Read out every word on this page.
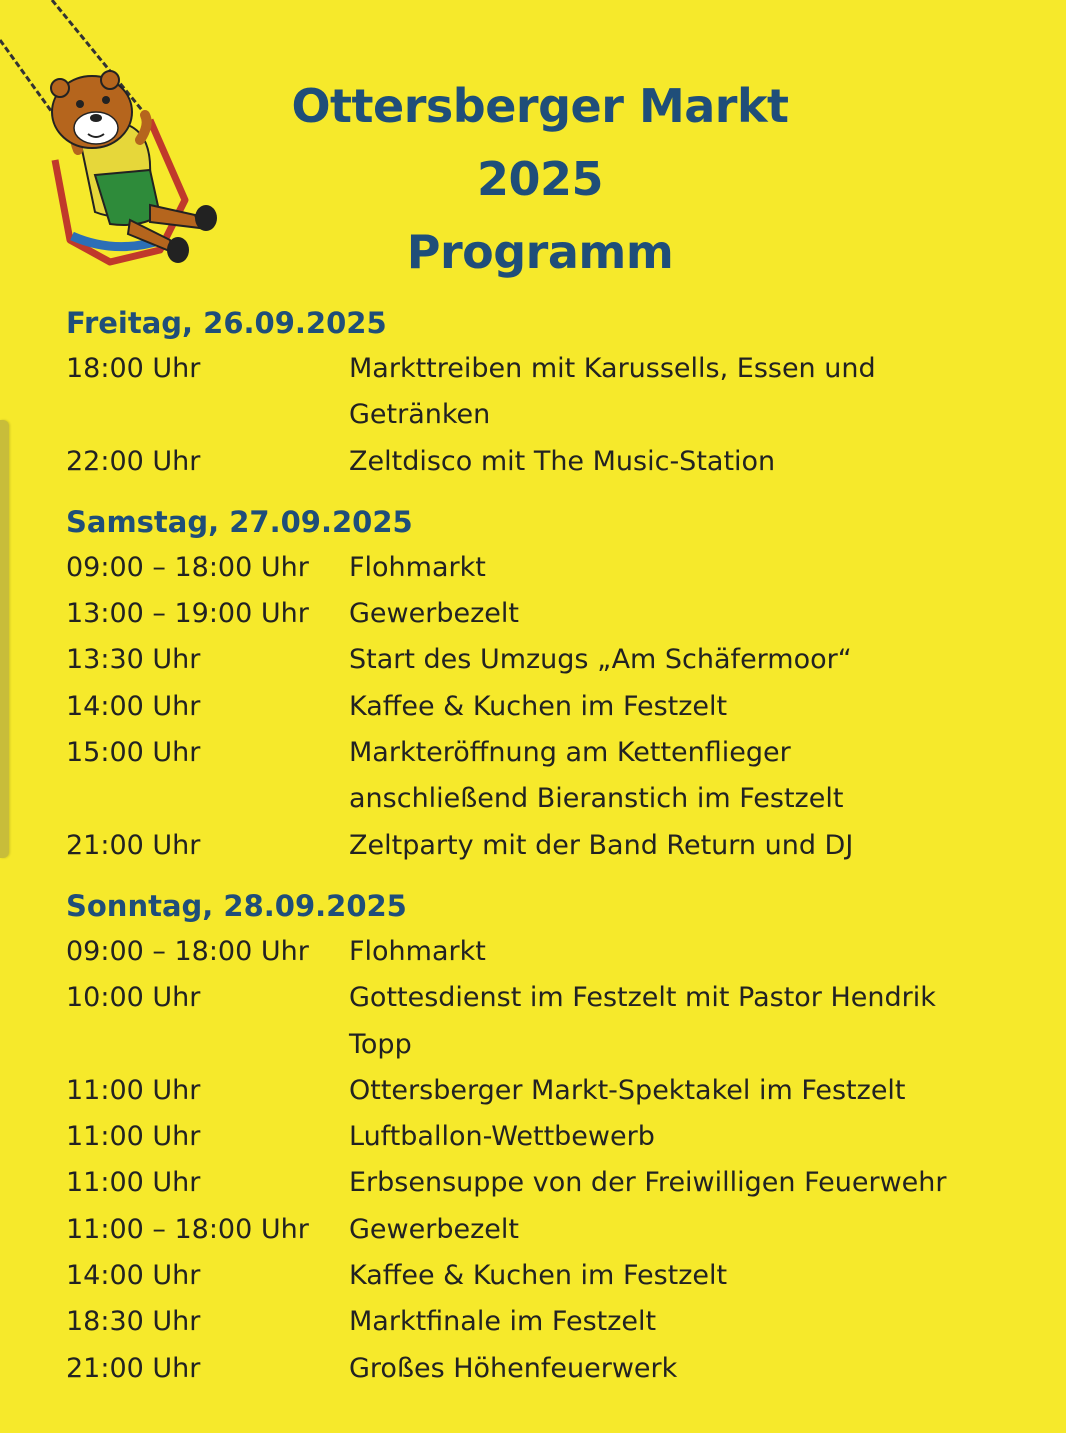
Ottersberger Markt
2025
Programm
Freitag, 26.09.2025
18:00 Uhr	Markttreiben mit Karussells, Essen und Getränken
22:00 Uhr	Zeltdisco mit The Music-Station
Samstag, 27.09.2025
09:00 – 18:00 Uhr	Flohmarkt
13:00 – 19:00 Uhr	Gewerbezelt
13:30 Uhr	Start des Umzugs „Am Schäfermoor“
14:00 Uhr	Kaffee & Kuchen im Festzelt
15:00 Uhr	Markteröffnung am Kettenflieger anschließend Bieranstich im Festzelt
21:00 Uhr	Zeltparty mit der Band Return und DJ
Sonntag, 28.09.2025
09:00 – 18:00 Uhr	Flohmarkt
10:00 Uhr	Gottesdienst im Festzelt mit Pastor Hendrik Topp
11:00 Uhr	Ottersberger Markt-Spektakel im Festzelt
11:00 Uhr	Luftballon-Wettbewerb
11:00 Uhr	Erbsensuppe von der Freiwilligen Feuerwehr
11:00 – 18:00 Uhr	Gewerbezelt
14:00 Uhr	Kaffee & Kuchen im Festzelt
18:30 Uhr	Marktfinale im Festzelt
21:00 Uhr	Großes Höhenfeuerwerk
